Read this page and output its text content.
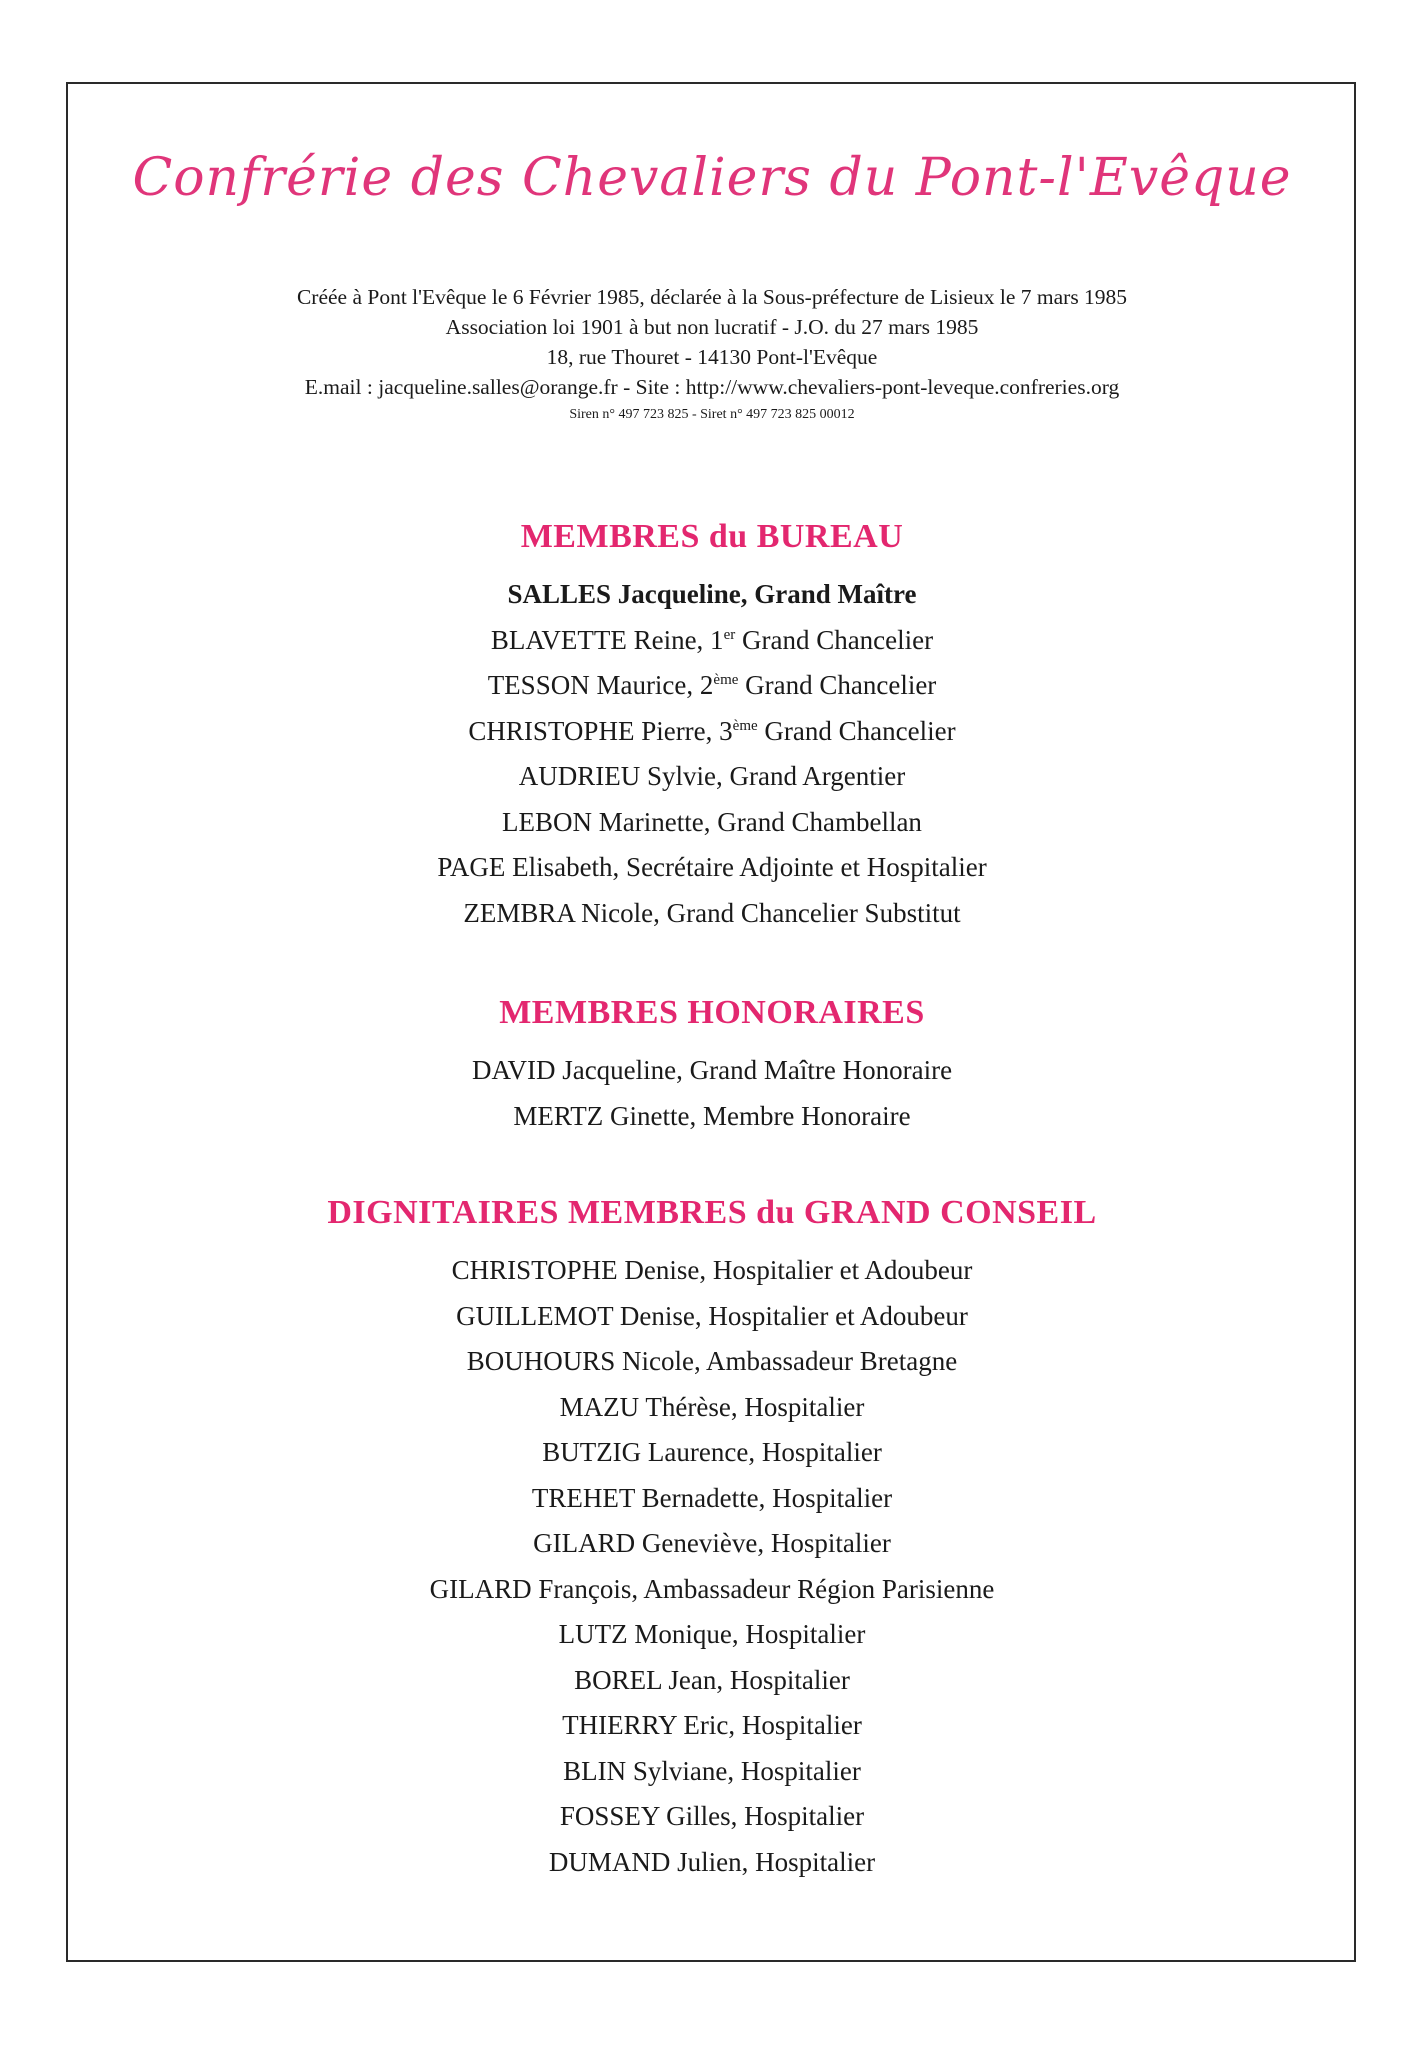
Confrérie des Chevaliers du Pont-l'Evêque
Créée à Pont l'Evêque le 6 Février 1985, déclarée à la Sous-préfecture de Lisieux le 7 mars 1985
Association loi 1901 à but non lucratif - J.O. du 27 mars 1985
18, rue Thouret - 14130 Pont-l'Evêque
E.mail : jacqueline.salles@orange.fr - Site : http://www.chevaliers-pont-leveque.confreries.org
Siren n° 497 723 825 - Siret n° 497 723 825 00012
MEMBRES du BUREAU
SALLES Jacqueline, Grand Maître
BLAVETTE Reine, 1er Grand Chancelier
TESSON Maurice, 2ème Grand Chancelier
CHRISTOPHE Pierre, 3ème Grand Chancelier
AUDRIEU Sylvie, Grand Argentier
LEBON Marinette, Grand Chambellan
PAGE Elisabeth, Secrétaire Adjointe et Hospitalier
ZEMBRA Nicole, Grand Chancelier Substitut
MEMBRES HONORAIRES
DAVID Jacqueline, Grand Maître Honoraire
MERTZ Ginette, Membre Honoraire
DIGNITAIRES MEMBRES du GRAND CONSEIL
CHRISTOPHE Denise, Hospitalier et Adoubeur
GUILLEMOT Denise, Hospitalier et Adoubeur
BOUHOURS Nicole, Ambassadeur Bretagne
MAZU Thérèse, Hospitalier
BUTZIG Laurence, Hospitalier
TREHET Bernadette, Hospitalier
GILARD Geneviève, Hospitalier
GILARD François, Ambassadeur Région Parisienne
LUTZ Monique, Hospitalier
BOREL Jean, Hospitalier
THIERRY Eric, Hospitalier
BLIN Sylviane, Hospitalier
FOSSEY Gilles, Hospitalier
DUMAND Julien, Hospitalier
